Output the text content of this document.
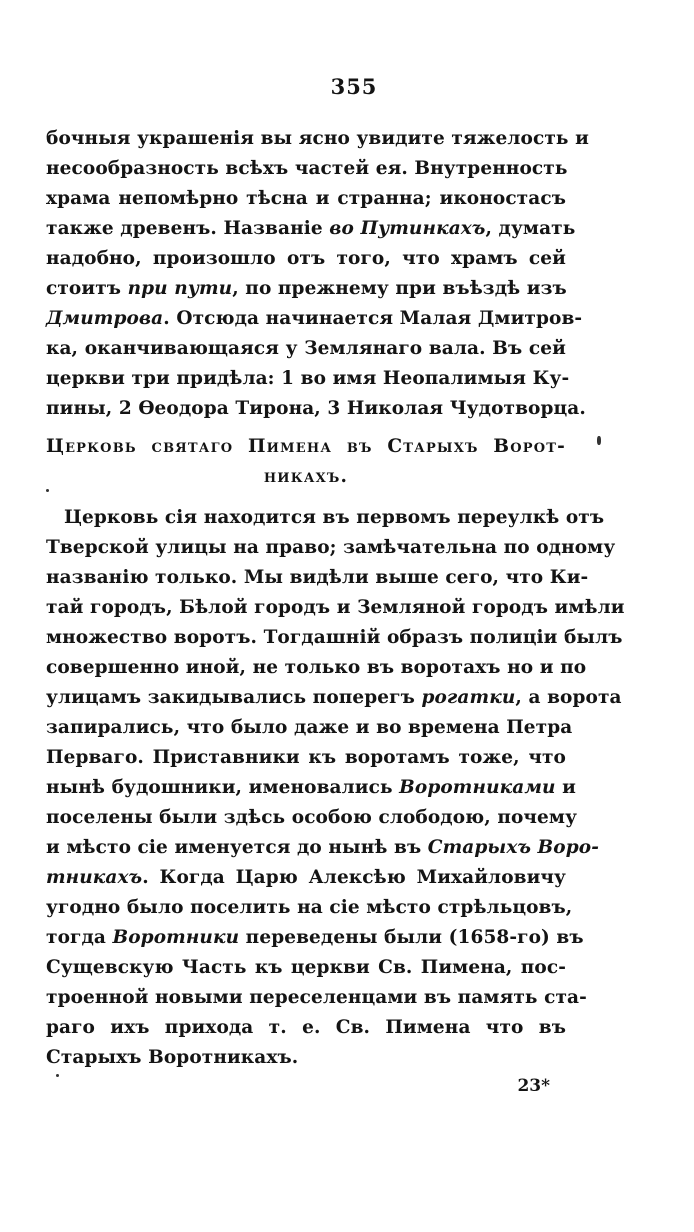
355
бочныя украшенія вы ясно увидите тяжелость и
несообразность всѣхъ частей ея. Внутренность
храма непомѣрно тѣсна и странна; иконостасъ
также древенъ. Названіе во Путинкахъ, думать
надобно, произошло отъ того, что храмъ сей
стоитъ при пути, по прежнему при въѣздѣ изъ
Дмитрова. Отсюда начинается Малая Дмитров-
ка, оканчивающаяся у Землянаго вала. Въ сей
церкви три придѣла: 1 во имя Неопалимыя Ку-
пины, 2 Ѳеодора Тирона, 3 Николая Чудотворца.
Церковь святаго Пимена въ Старыхъ Ворот-
никахъ.
Церковь сія находится въ первомъ переулкѣ отъ
Тверской улицы на право; замѣчательна по одному
названію только. Мы видѣли выше сего, что Ки-
тай городъ, Бѣлой городъ и Земляной городъ имѣли
множество воротъ. Тогдашній образъ полиціи былъ
совершенно иной, не только въ воротахъ но и по
улицамъ закидывались поперегъ рогатки, а ворота
запирались, что было даже и во времена Петра
Перваго. Приставники къ воротамъ тоже, что
нынѣ будошники, именовались Воротниками и
поселены были здѣсь особою слободою, почему
и мѣсто сіе именуется до нынѣ въ Старыхъ Воро-
тникахъ. Когда Царю Алексѣю Михайловичу
угодно было поселить на сіе мѣсто стрѣльцовъ,
тогда Воротники переведены были (1658-го) въ
Сущевскую Часть къ церкви Св. Пимена, пос-
троенной новыми переселенцами въ память ста-
раго ихъ прихода т. е. Св. Пимена что въ
Старыхъ Воротникахъ.
23*
